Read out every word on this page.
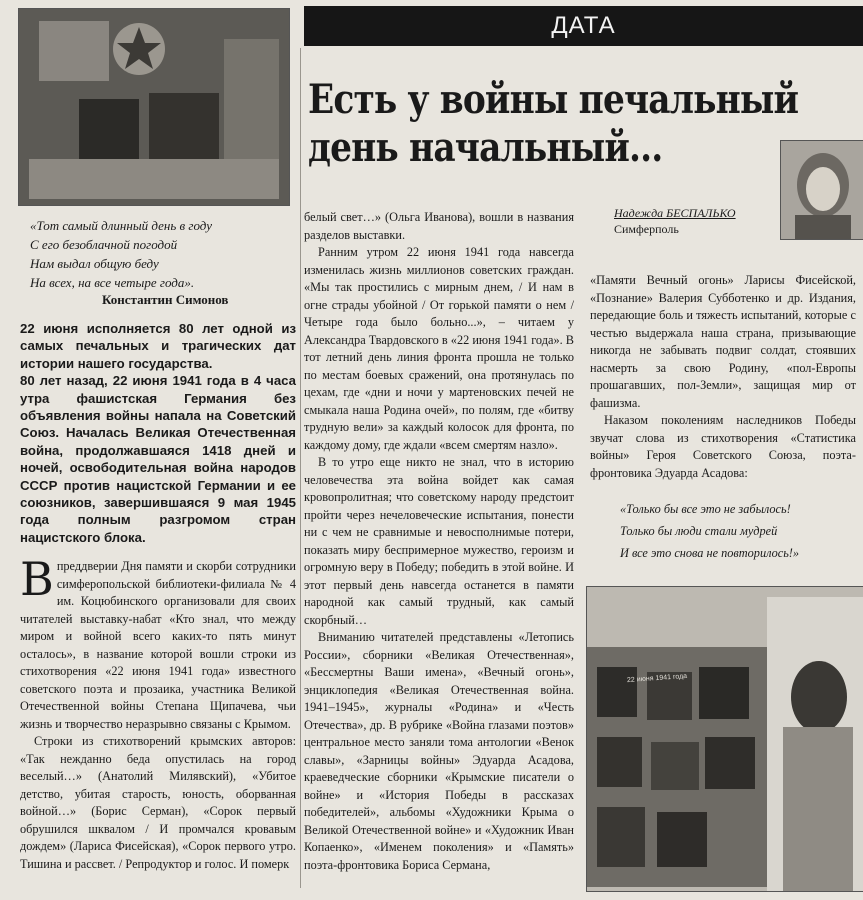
22 июня 1941 года
ДАТА
Есть у войны печальный
день начальный...
Надежда БЕСПАЛЬКО
Симферполь
«Тот самый длинный день в году
С его безоблачной погодой
Нам выдал общую беду
На всех, на все четыре года».
Константин Симонов

22 июня исполняется 80 лет одной из самых печальных и трагических дат истории нашего государства.

80 лет назад, 22 июня 1941 года в 4 часа утра фашистская Германия без объявления войны напала на Советский Союз. Началась Великая Отечественная война, продолжавшаяся 1418 дней и ночей, освободительная война народов СССР против нацистской Германии и ее союзников, завершившаяся 9 мая 1945 года полным разгромом стран нацистского блока.

Впреддверии Дня памяти и скорби сотрудники симферопольской библиотеки-филиала № 4 им. Коцюбинского организовали для своих читателей выставку-набат «Кто знал, что между миром и войной всего каких-то пять минут осталось», в название которой вошли строки из стихотворения «22 июня 1941 года» известного советского поэта и прозаика, участника Великой Отечественной войны Степана Щипачева, чьи жизнь и творчество неразрывно связаны с Крымом.

Строки из стихотворений крымских авторов: «Так нежданно беда опустилась на город веселый…» (Анатолий Милявский), «Убитое детство, убитая старость, юность, оборванная войной…» (Борис Серман), «Сорок первый обрушился шквалом / И промчался кровавым дождем» (Лариса Фисейская), «Сорок первого утро. Тишина и рассвет. / Репродуктор и голос. И померк

белый свет…» (Ольга Иванова), вошли в названия разделов выставки.

Ранним утром 22 июня 1941 года навсегда изменилась жизнь миллионов советских граждан. «Мы так простились с мирным днем, / И нам в огне страды убойной / От горькой памяти о нем / Четыре года было больно...», – читаем у Александра Твардовского в «22 июня 1941 года». В тот летний день линия фронта прошла не только по местам боевых сражений, она протянулась по цехам, где «дни и ночи у мартеновских печей не смыкала наша Родина очей», по полям, где «битву трудную вели» за каждый колосок для фронта, по каждому дому, где ждали «всем смертям назло».

В то утро еще никто не знал, что в историю человечества эта война войдет как самая кровопролитная; что советскому народу предстоит пройти через нечеловеческие испытания, понести ни с чем не сравнимые и невосполнимые потери, показать миру беспримерное мужество, героизм и огромную веру в Победу; победить в этой войне. И этот первый день навсегда останется в памяти народной как самый трудный, как самый скорбный…

Вниманию читателей представлены «Летопись России», сборники «Великая Отечественная», «Бессмертны Ваши имена», «Вечный огонь», энциклопедия «Великая Отечественная война. 1941–1945», журналы «Родина» и «Честь Отечества», др. В рубрике «Война глазами поэтов» центральное место заняли тома антологии «Венок славы», «Зарницы войны» Эдуарда Асадова, краеведческие сборники «Крымские писатели о войне» и «История Победы в рассказах победителей», альбомы «Художники Крыма о Великой Отечественной войне» и «Художник Иван Копаенко», «Именем поколения» и «Память» поэта-фронтовика Бориса Сермана,

«Памяти Вечный огонь» Ларисы Фисейской, «Познание» Валерия Субботенко и др. Издания, передающие боль и тяжесть испытаний, которые с честью выдержала наша страна, призывающие никогда не забывать подвиг солдат, стоявших насмерть за свою Родину, «пол-Европы прошагавших, пол-Земли», защищая мир от фашизма.

Наказом поколениям наследников Победы звучат слова из стихотворения «Статистика войны» Героя Советского Союза, поэта-фронтовика Эдуарда Асадова:

«Только бы все это не забылось!
Только бы люди стали мудрей
И все это снова не повторилось!»
